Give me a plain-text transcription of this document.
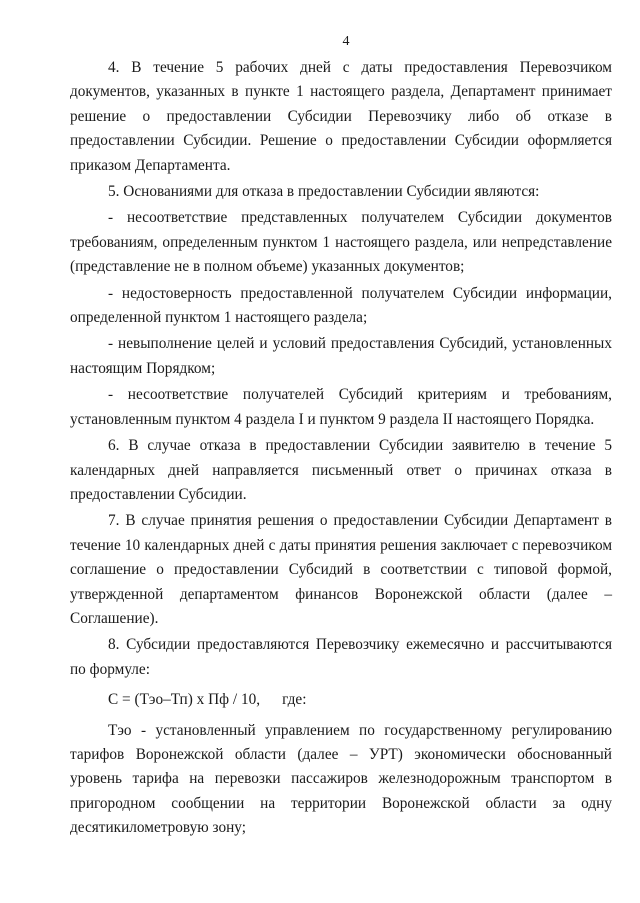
4

4. В течение 5 рабочих дней с даты предоставления Перевозчиком документов, указанных в пункте 1 настоящего раздела, Департамент принимает решение о предоставлении Субсидии Перевозчику либо об отказе в предоставлении Субсидии. Решение о предоставлении Субсидии оформляется приказом Департамента.

5. Основаниями для отказа в предоставлении Субсидии являются:

- несоответствие представленных получателем Субсидии документов требованиям, определенным пунктом 1 настоящего раздела, или непредставление (представление не в полном объеме) указанных документов;

- недостоверность предоставленной получателем Субсидии информации, определенной пунктом 1 настоящего раздела;

- невыполнение целей и условий предоставления Субсидий, установленных настоящим Порядком;

- несоответствие получателей Субсидий критериям и требованиям, установленным пунктом 4 раздела I и пунктом 9 раздела II настоящего Порядка.

6. В случае отказа в предоставлении Субсидии заявителю в течение 5 календарных дней направляется письменный ответ о причинах отказа в предоставлении Субсидии.

7. В случае принятия решения о предоставлении Субсидии Департамент в течение 10 календарных дней с даты принятия решения заключает с перевозчиком соглашение о предоставлении Субсидий в соответствии с типовой формой, утвержденной департаментом финансов Воронежской области (далее – Соглашение).

8. Субсидии предоставляются Перевозчику ежемесячно и рассчитываются по формуле:

С = (Тэо–Тп) х Пф / 10, где:

Тэо - установленный управлением по государственному регулированию тарифов Воронежской области (далее – УРТ) экономически обоснованный уровень тарифа на перевозки пассажиров железнодорожным транспортом в пригородном сообщении на территории Воронежской области за одну десятикилометровую зону;
